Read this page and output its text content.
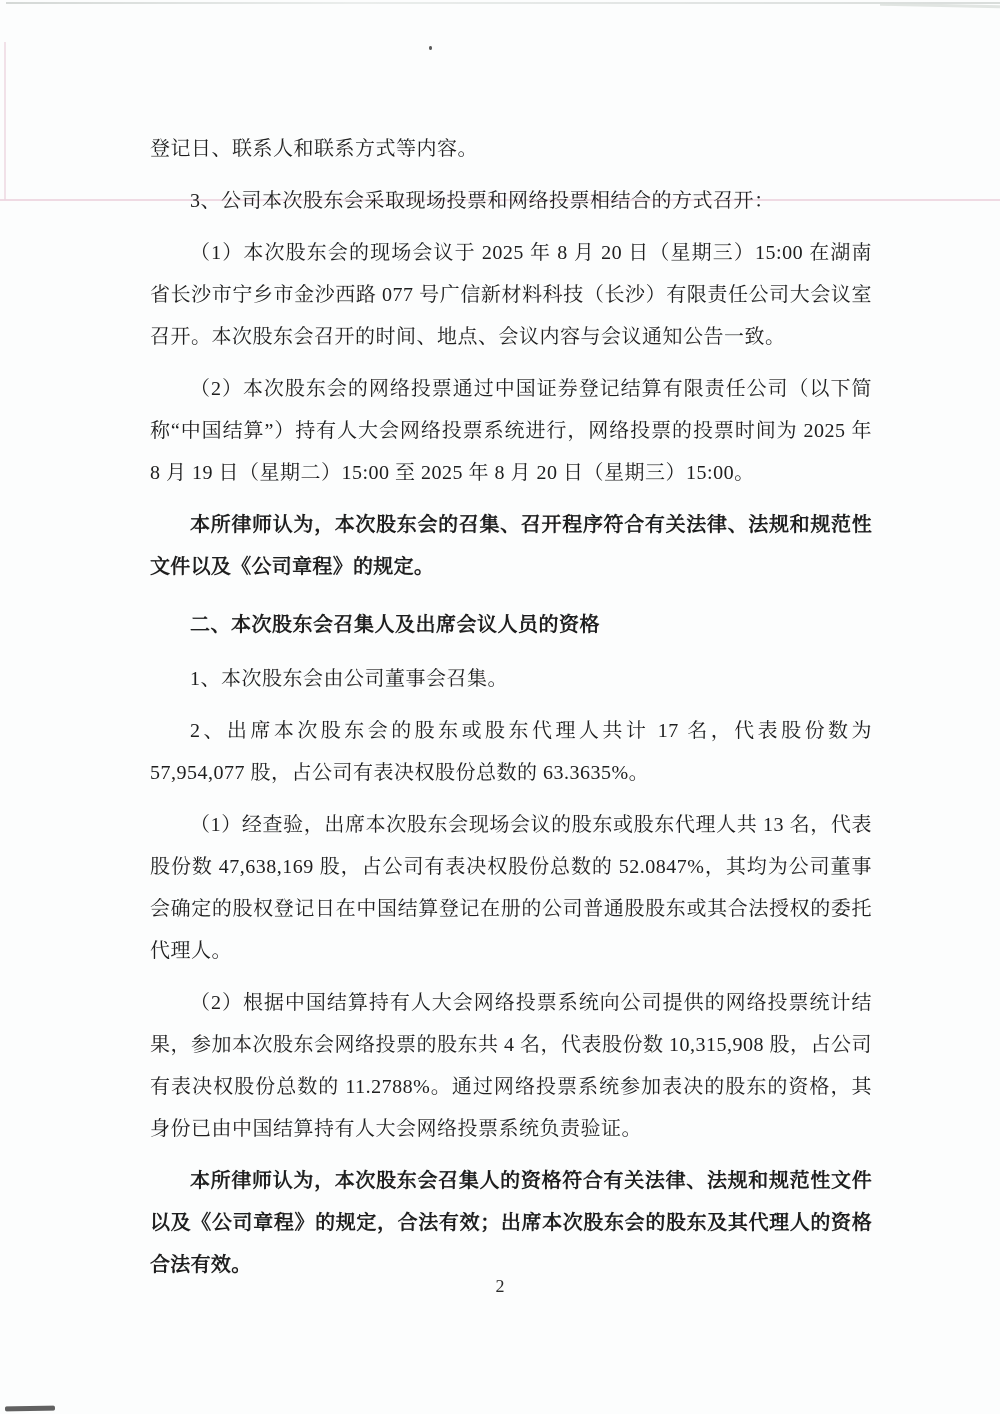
登记日、联系人和联系方式等内容。

3、公司本次股东会采取现场投票和网络投票相结合的方式召开：

（1）本次股东会的现场会议于 2025 年 8 月 20 日（星期三）15:00 在湖南省长沙市宁乡市金沙西路 077 号广信新材料科技（长沙）有限责任公司大会议室召开。本次股东会召开的时间、地点、会议内容与会议通知公告一致。

（2）本次股东会的网络投票通过中国证券登记结算有限责任公司（以下简称“中国结算”）持有人大会网络投票系统进行，网络投票的投票时间为 2025 年 8 月 19 日（星期二）15:00 至 2025 年 8 月 20 日（星期三）15:00。

本所律师认为，本次股东会的召集、召开程序符合有关法律、法规和规范性文件以及《公司章程》的规定。

二、本次股东会召集人及出席会议人员的资格

1、本次股东会由公司董事会召集。

2、出席本次股东会的股东或股东代理人共计 17 名，代表股份数为 57,954,077 股，占公司有表决权股份总数的 63.3635%。

（1）经查验，出席本次股东会现场会议的股东或股东代理人共 13 名，代表股份数 47,638,169 股，占公司有表决权股份总数的 52.0847%，其均为公司董事会确定的股权登记日在中国结算登记在册的公司普通股股东或其合法授权的委托代理人。

（2）根据中国结算持有人大会网络投票系统向公司提供的网络投票统计结果，参加本次股东会网络投票的股东共 4 名，代表股份数 10,315,908 股，占公司有表决权股份总数的 11.2788%。通过网络投票系统参加表决的股东的资格，其身份已由中国结算持有人大会网络投票系统负责验证。

本所律师认为，本次股东会召集人的资格符合有关法律、法规和规范性文件以及《公司章程》的规定，合法有效；出席本次股东会的股东及其代理人的资格合法有效。

2
